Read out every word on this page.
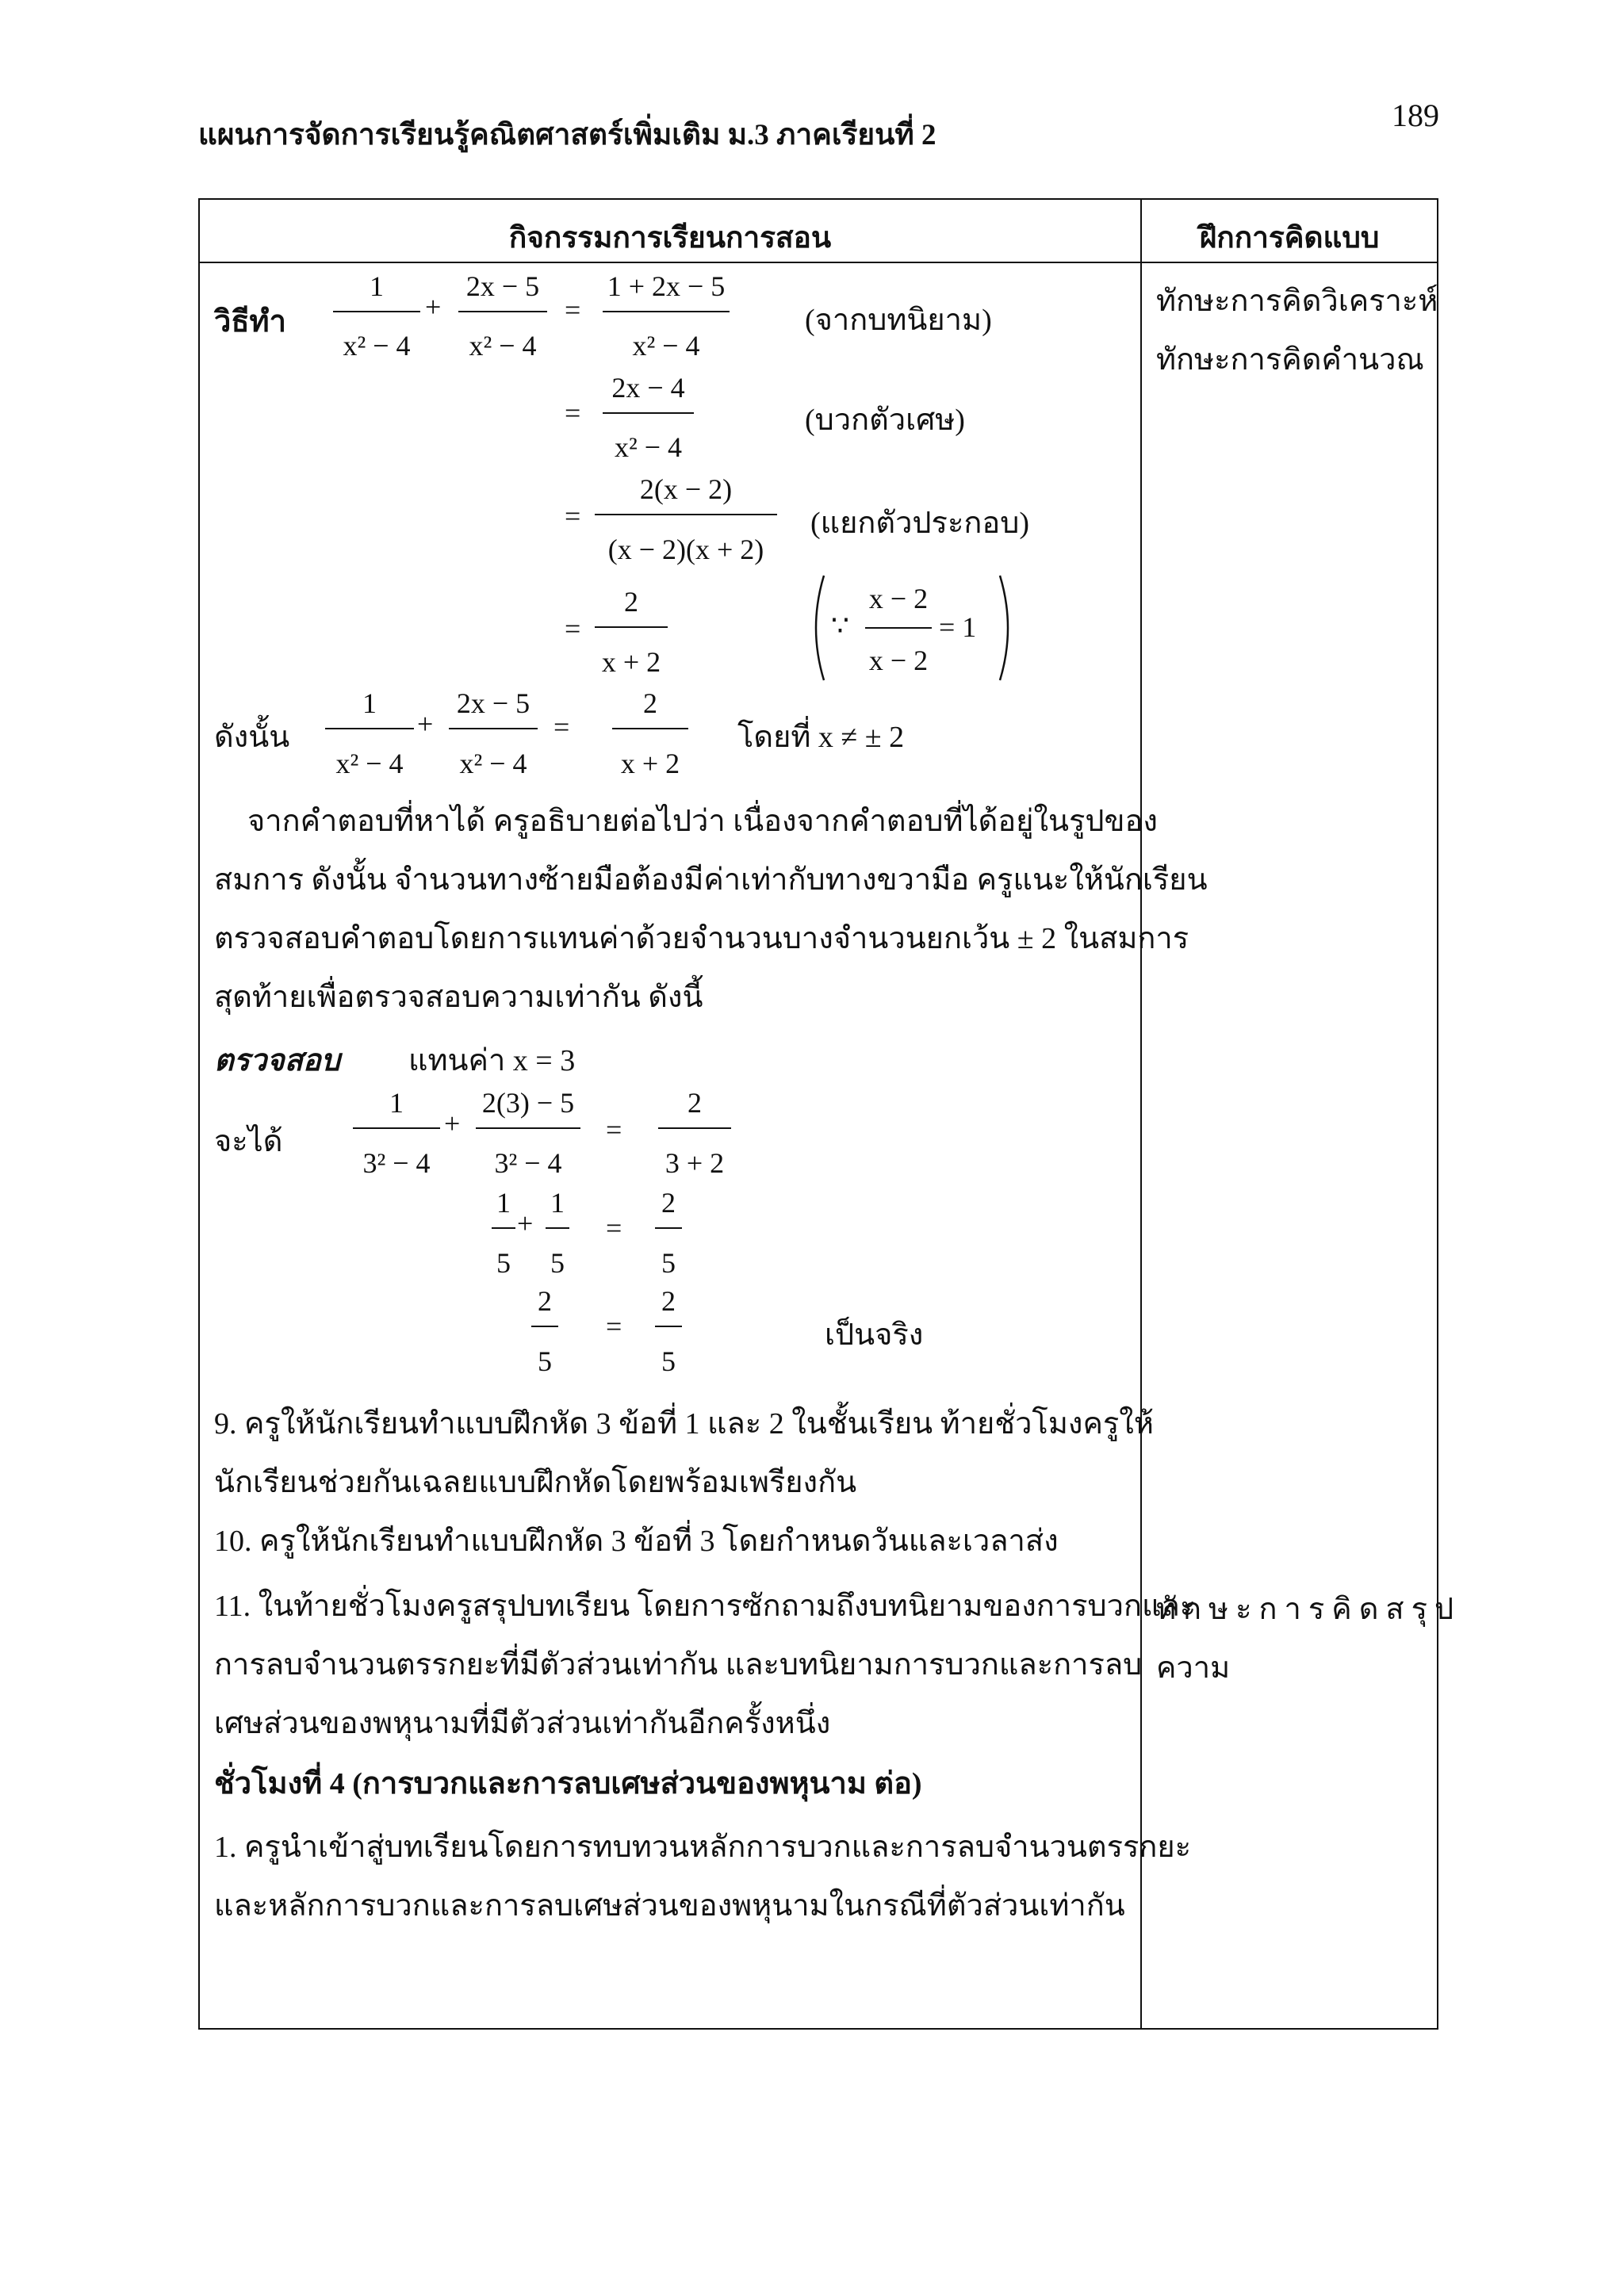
แผนการจัดการเรียนรู้คณิตศาสตร์เพิ่มเติม ม.3 ภาคเรียนที่ 2
189
กิจกรรมการเรียนการสอน	ฝึกการคิดแบบ
ทักษะการคิดวิเคราะห์
ทักษะการคิดคำนวณ
ทักษะการคิดสรุป
ความ
วิธีทำ
1
x² − 4
+
2x − 5
x² − 4
=
1 + 2x − 5
x² − 4
(จากบทนิยาม)
=
2x − 4
x² − 4
(บวกตัวเศษ)
=
2(x − 2)
(x − 2)(x + 2)
(แยกตัวประกอบ)
=
2
x + 2
∵
x − 2
x − 2
= 1
ดังนั้น
1
x² − 4
+
2x − 5
x² − 4
=
2
x + 2
โดยที่ x ≠ ± 2
จากคำตอบที่หาได้ ครูอธิบายต่อไปว่า เนื่องจากคำตอบที่ได้อยู่ในรูปของ
สมการ ดังนั้น จำนวนทางซ้ายมือต้องมีค่าเท่ากับทางขวามือ ครูแนะให้นักเรียน
ตรวจสอบคำตอบโดยการแทนค่าด้วยจำนวนบางจำนวนยกเว้น ± 2 ในสมการ
สุดท้ายเพื่อตรวจสอบความเท่ากัน ดังนี้
ตรวจสอบ แทนค่า x = 3
จะได้
1
3² − 4
+
2(3) − 5
3² − 4
=
2
3 + 2
1
5
+
1
5
=
2
5
2
5
=
2
5
เป็นจริง
9. ครูให้นักเรียนทำแบบฝึกหัด 3 ข้อที่ 1 และ 2 ในชั้นเรียน ท้ายชั่วโมงครูให้
นักเรียนช่วยกันเฉลยแบบฝึกหัดโดยพร้อมเพรียงกัน
10. ครูให้นักเรียนทำแบบฝึกหัด 3 ข้อที่ 3 โดยกำหนดวันและเวลาส่ง
11. ในท้ายชั่วโมงครูสรุปบทเรียน โดยการซักถามถึงบทนิยามของการบวกและ
การลบจำนวนตรรกยะที่มีตัวส่วนเท่ากัน และบทนิยามการบวกและการลบ
เศษส่วนของพหุนามที่มีตัวส่วนเท่ากันอีกครั้งหนึ่ง
ชั่วโมงที่ 4 (การบวกและการลบเศษส่วนของพหุนาม ต่อ)
1. ครูนำเข้าสู่บทเรียนโดยการทบทวนหลักการบวกและการลบจำนวนตรรกยะ
และหลักการบวกและการลบเศษส่วนของพหุนามในกรณีที่ตัวส่วนเท่ากัน
